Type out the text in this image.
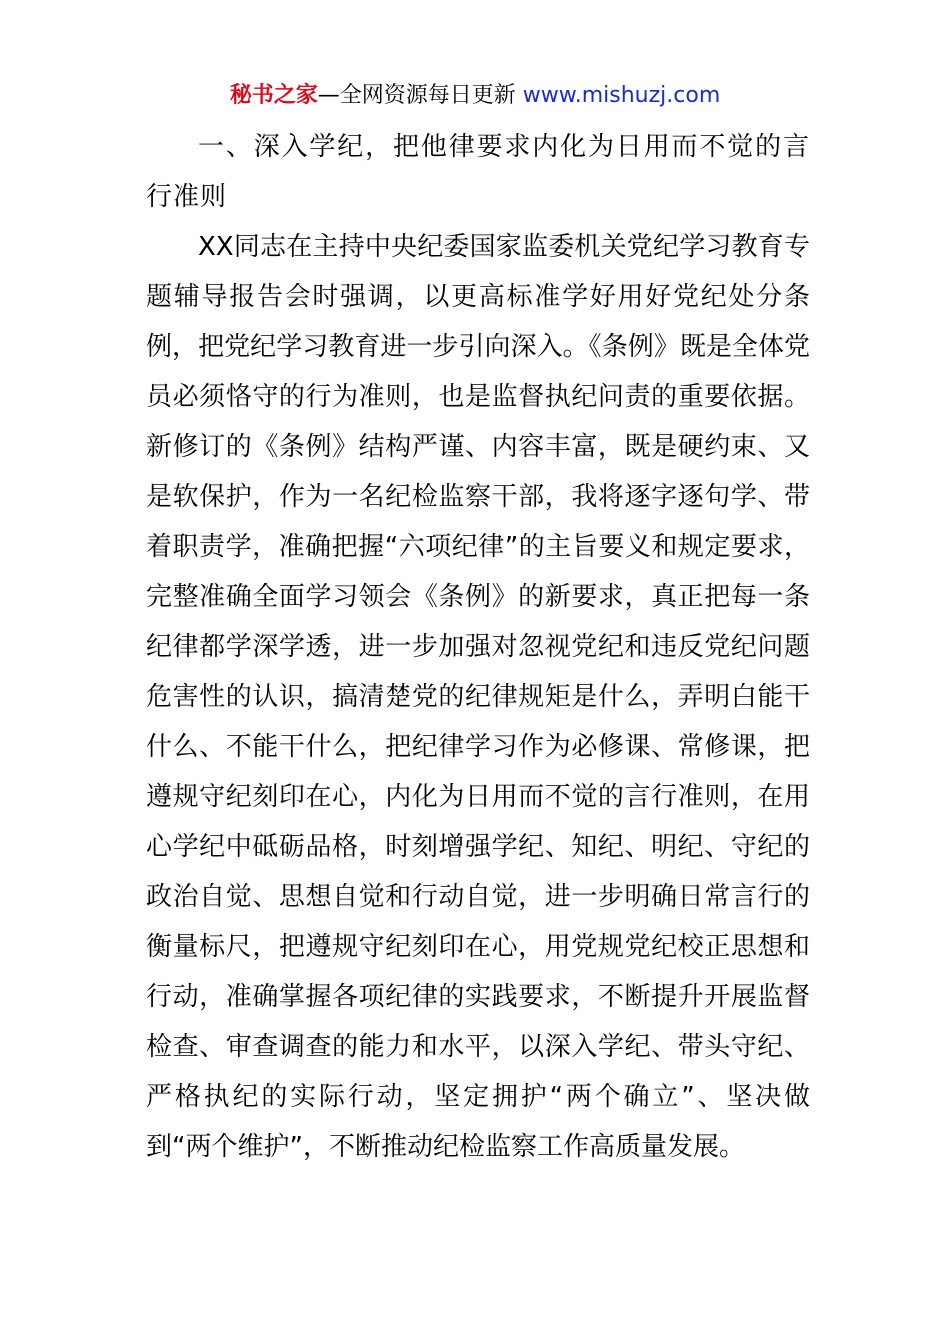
秘书之家—全网资源每日更新 www.mishuzj.com

一、深入学纪，把他律要求内化为日用而不觉的言行准则

XX同志在主持中央纪委国家监委机关党纪学习教育专题辅导报告会时强调，以更高标准学好用好党纪处分条例，把党纪学习教育进一步引向深入。《条例》既是全体党员必须恪守的行为准则，也是监督执纪问责的重要依据。新修订的《条例》结构严谨、内容丰富，既是硬约束、又是软保护，作为一名纪检监察干部，我将逐字逐句学、带着职责学，准确把握“六项纪律”的主旨要义和规定要求，完整准确全面学习领会《条例》的新要求，真正把每一条纪律都学深学透，进一步加强对忽视党纪和违反党纪问题危害性的认识，搞清楚党的纪律规矩是什么，弄明白能干什么、不能干什么，把纪律学习作为必修课、常修课，把遵规守纪刻印在心，内化为日用而不觉的言行准则，在用心学纪中砥砺品格，时刻增强学纪、知纪、明纪、守纪的政治自觉、思想自觉和行动自觉，进一步明确日常言行的衡量标尺，把遵规守纪刻印在心，用党规党纪校正思想和行动，准确掌握各项纪律的实践要求，不断提升开展监督检查、审查调查的能力和水平，以深入学纪、带头守纪、严格执纪的实际行动，坚定拥护“两个确立”、坚决做到“两个维护”，不断推动纪检监察工作高质量发展。
